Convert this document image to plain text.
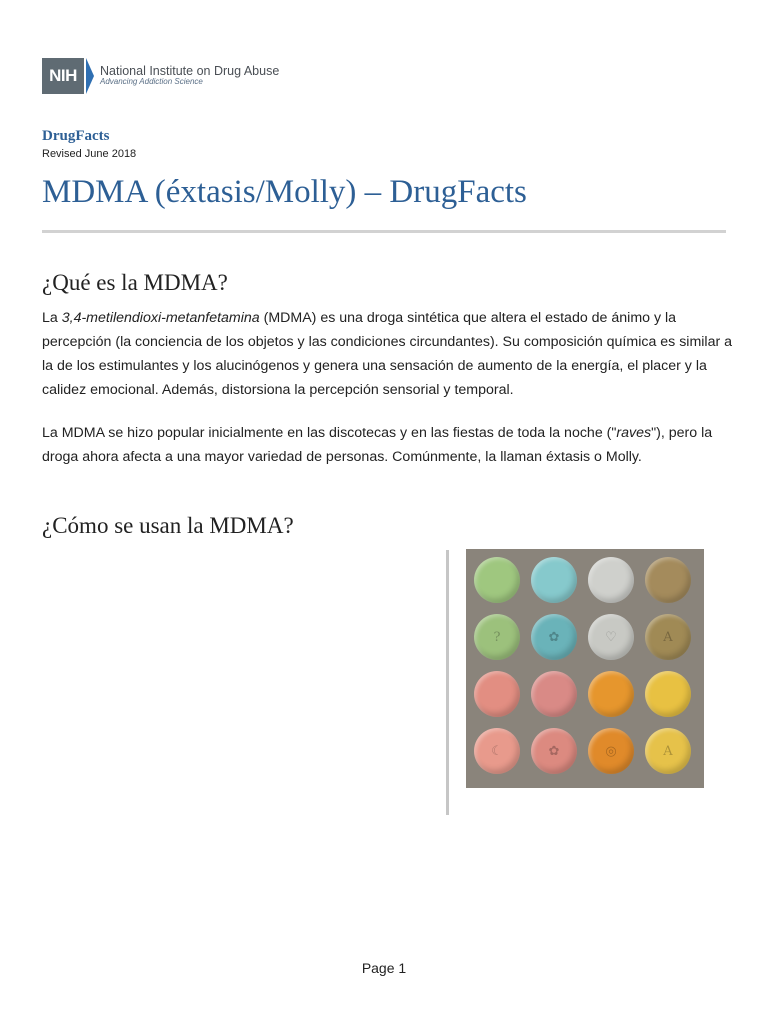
NIH	National Institute on Drug Abuse
Advancing Addiction Science
DrugFacts
Revised June 2018
MDMA (éxtasis/Molly) – DrugFacts
¿Qué es la MDMA?

La 3,4-metilendioxi-metanfetamina (MDMA) es una droga sintética que altera el estado de ánimo y la percepción (la conciencia de los objetos y las condiciones circundantes). Su composición química es similar a la de los estimulantes y los alucinógenos y genera una sensación de aumento de la energía, el placer y la calidez emocional. Además, distorsiona la percepción sensorial y temporal.

La MDMA se hizo popular inicialmente en las discotecas y en las fiestas de toda la noche ("raves"), pero la droga ahora afecta a una mayor variedad de personas. Comúnmente, la llaman éxtasis o Molly.

¿Cómo se usan la MDMA?
?	✿	♡	A
☾	✿	◎	A
Page 1
